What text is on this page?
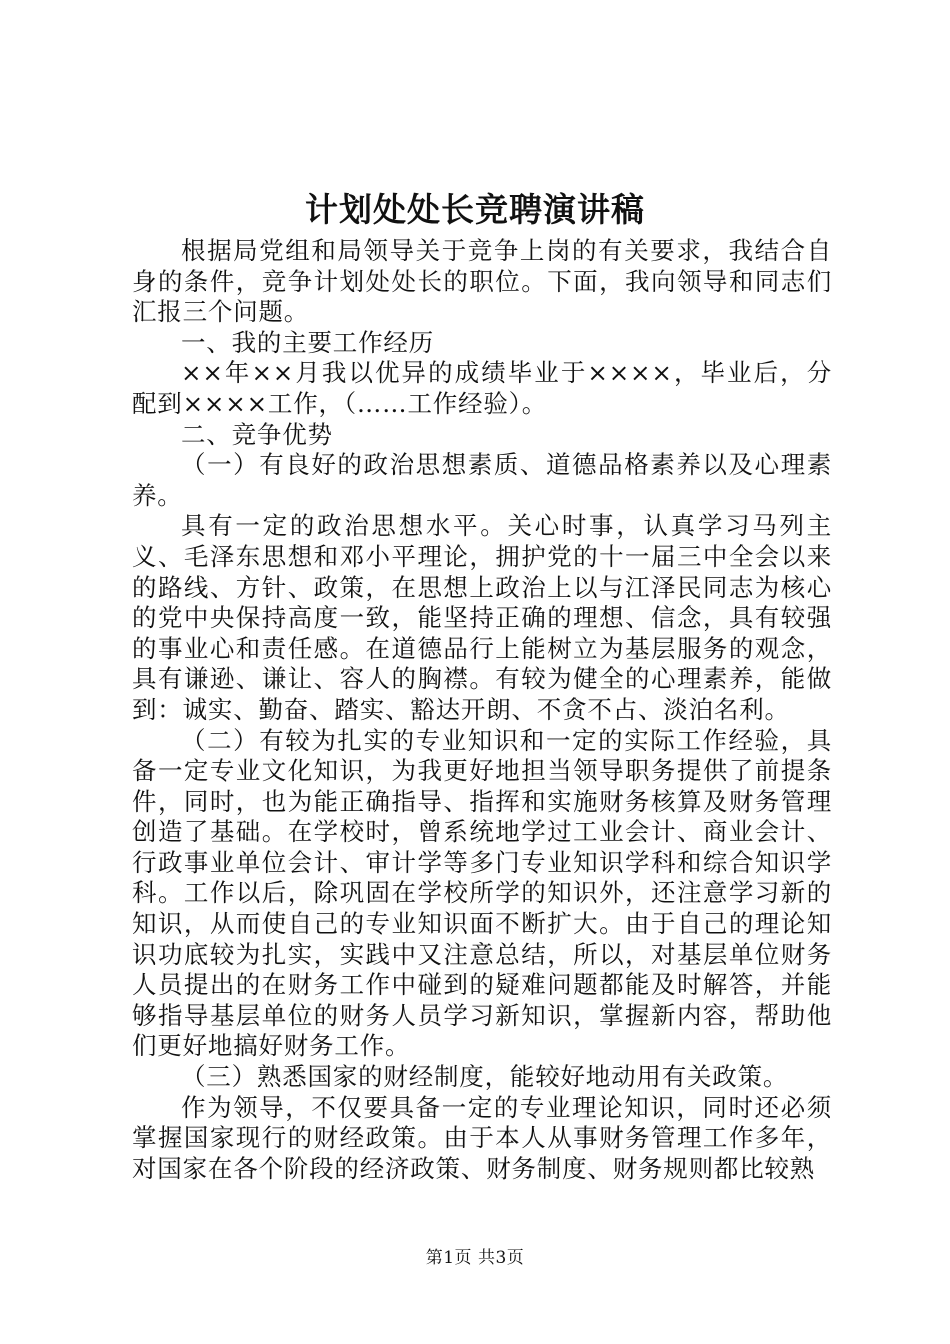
计划处处长竞聘演讲稿

根据局党组和局领导关于竞争上岗的有关要求，我结合自身的条件，竞争计划处处长的职位。下面，我向领导和同志们汇报三个问题。

一、我的主要工作经历

××年××月我以优异的成绩毕业于××××，毕业后，分配到××××工作，（……工作经验）。

二、竞争优势

（一）有良好的政治思想素质、道德品格素养以及心理素养。

具有一定的政治思想水平。关心时事，认真学习马列主义、毛泽东思想和邓小平理论，拥护党的十一届三中全会以来的路线、方针、政策，在思想上政治上以与江泽民同志为核心的党中央保持高度一致，能坚持正确的理想、信念，具有较强的事业心和责任感。在道德品行上能树立为基层服务的观念，具有谦逊、谦让、容人的胸襟。有较为健全的心理素养，能做到：诚实、勤奋、踏实、豁达开朗、不贪不占、淡泊名利。

（二）有较为扎实的专业知识和一定的实际工作经验，具备一定专业文化知识，为我更好地担当领导职务提供了前提条件，同时，也为能正确指导、指挥和实施财务核算及财务管理创造了基础。在学校时，曾系统地学过工业会计、商业会计、行政事业单位会计、审计学等多门专业知识学科和综合知识学科。工作以后，除巩固在学校所学的知识外，还注意学习新的知识，从而使自己的专业知识面不断扩大。由于自己的理论知识功底较为扎实，实践中又注意总结，所以，对基层单位财务人员提出的在财务工作中碰到的疑难问题都能及时解答，并能够指导基层单位的财务人员学习新知识，掌握新内容，帮助他们更好地搞好财务工作。

（三）熟悉国家的财经制度，能较好地动用有关政策。

作为领导，不仅要具备一定的专业理论知识，同时还必须掌握国家现行的财经政策。由于本人从事财务管理工作多年，对国家在各个阶段的经济政策、财务制度、财务规则都比较熟

第1页 共3页
